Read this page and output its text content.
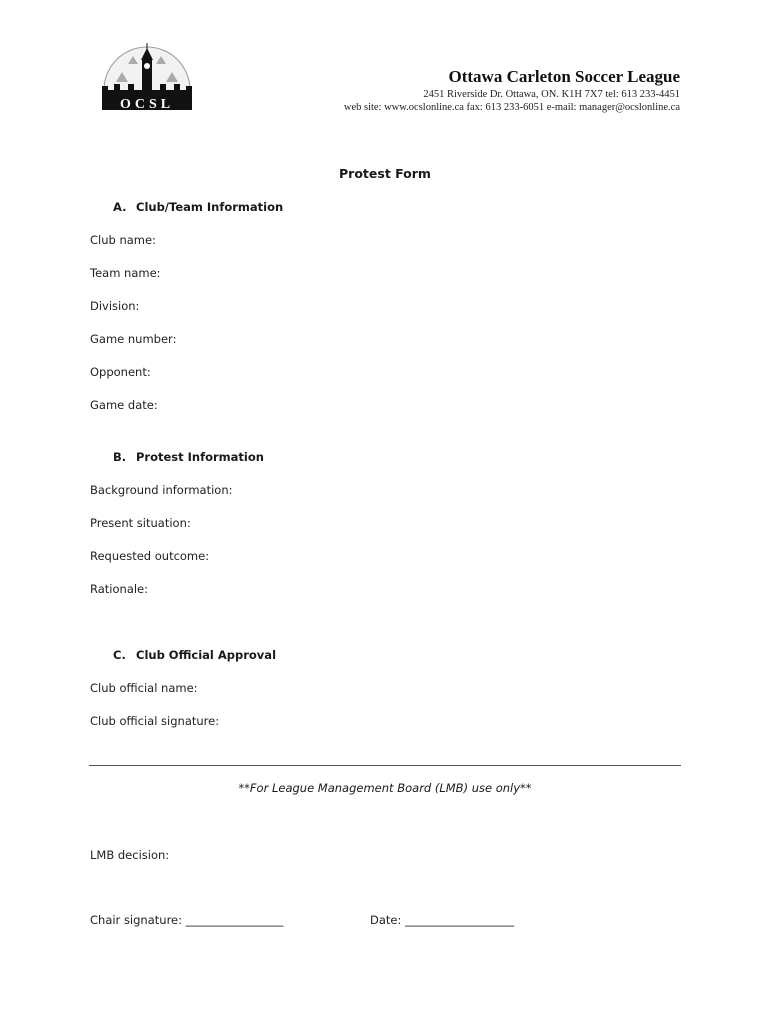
OCSL
Ottawa Carleton Soccer League
2451 Riverside Dr. Ottawa, ON. K1H 7X7 tel: 613 233-4451
web site: www.ocslonline.ca fax: 613 233-6051 e-mail: manager@ocslonline.ca
Protest Form
A. Club/Team Information
Club name:
Team name:
Division:
Game number:
Opponent:
Game date:
B. Protest Information
Background information:
Present situation:
Requested outcome:
Rationale:
C. Club Official Approval
Club official name:
Club official signature:
**For League Management Board (LMB) use only**
LMB decision:
Chair signature: _________________	Date: ___________________
